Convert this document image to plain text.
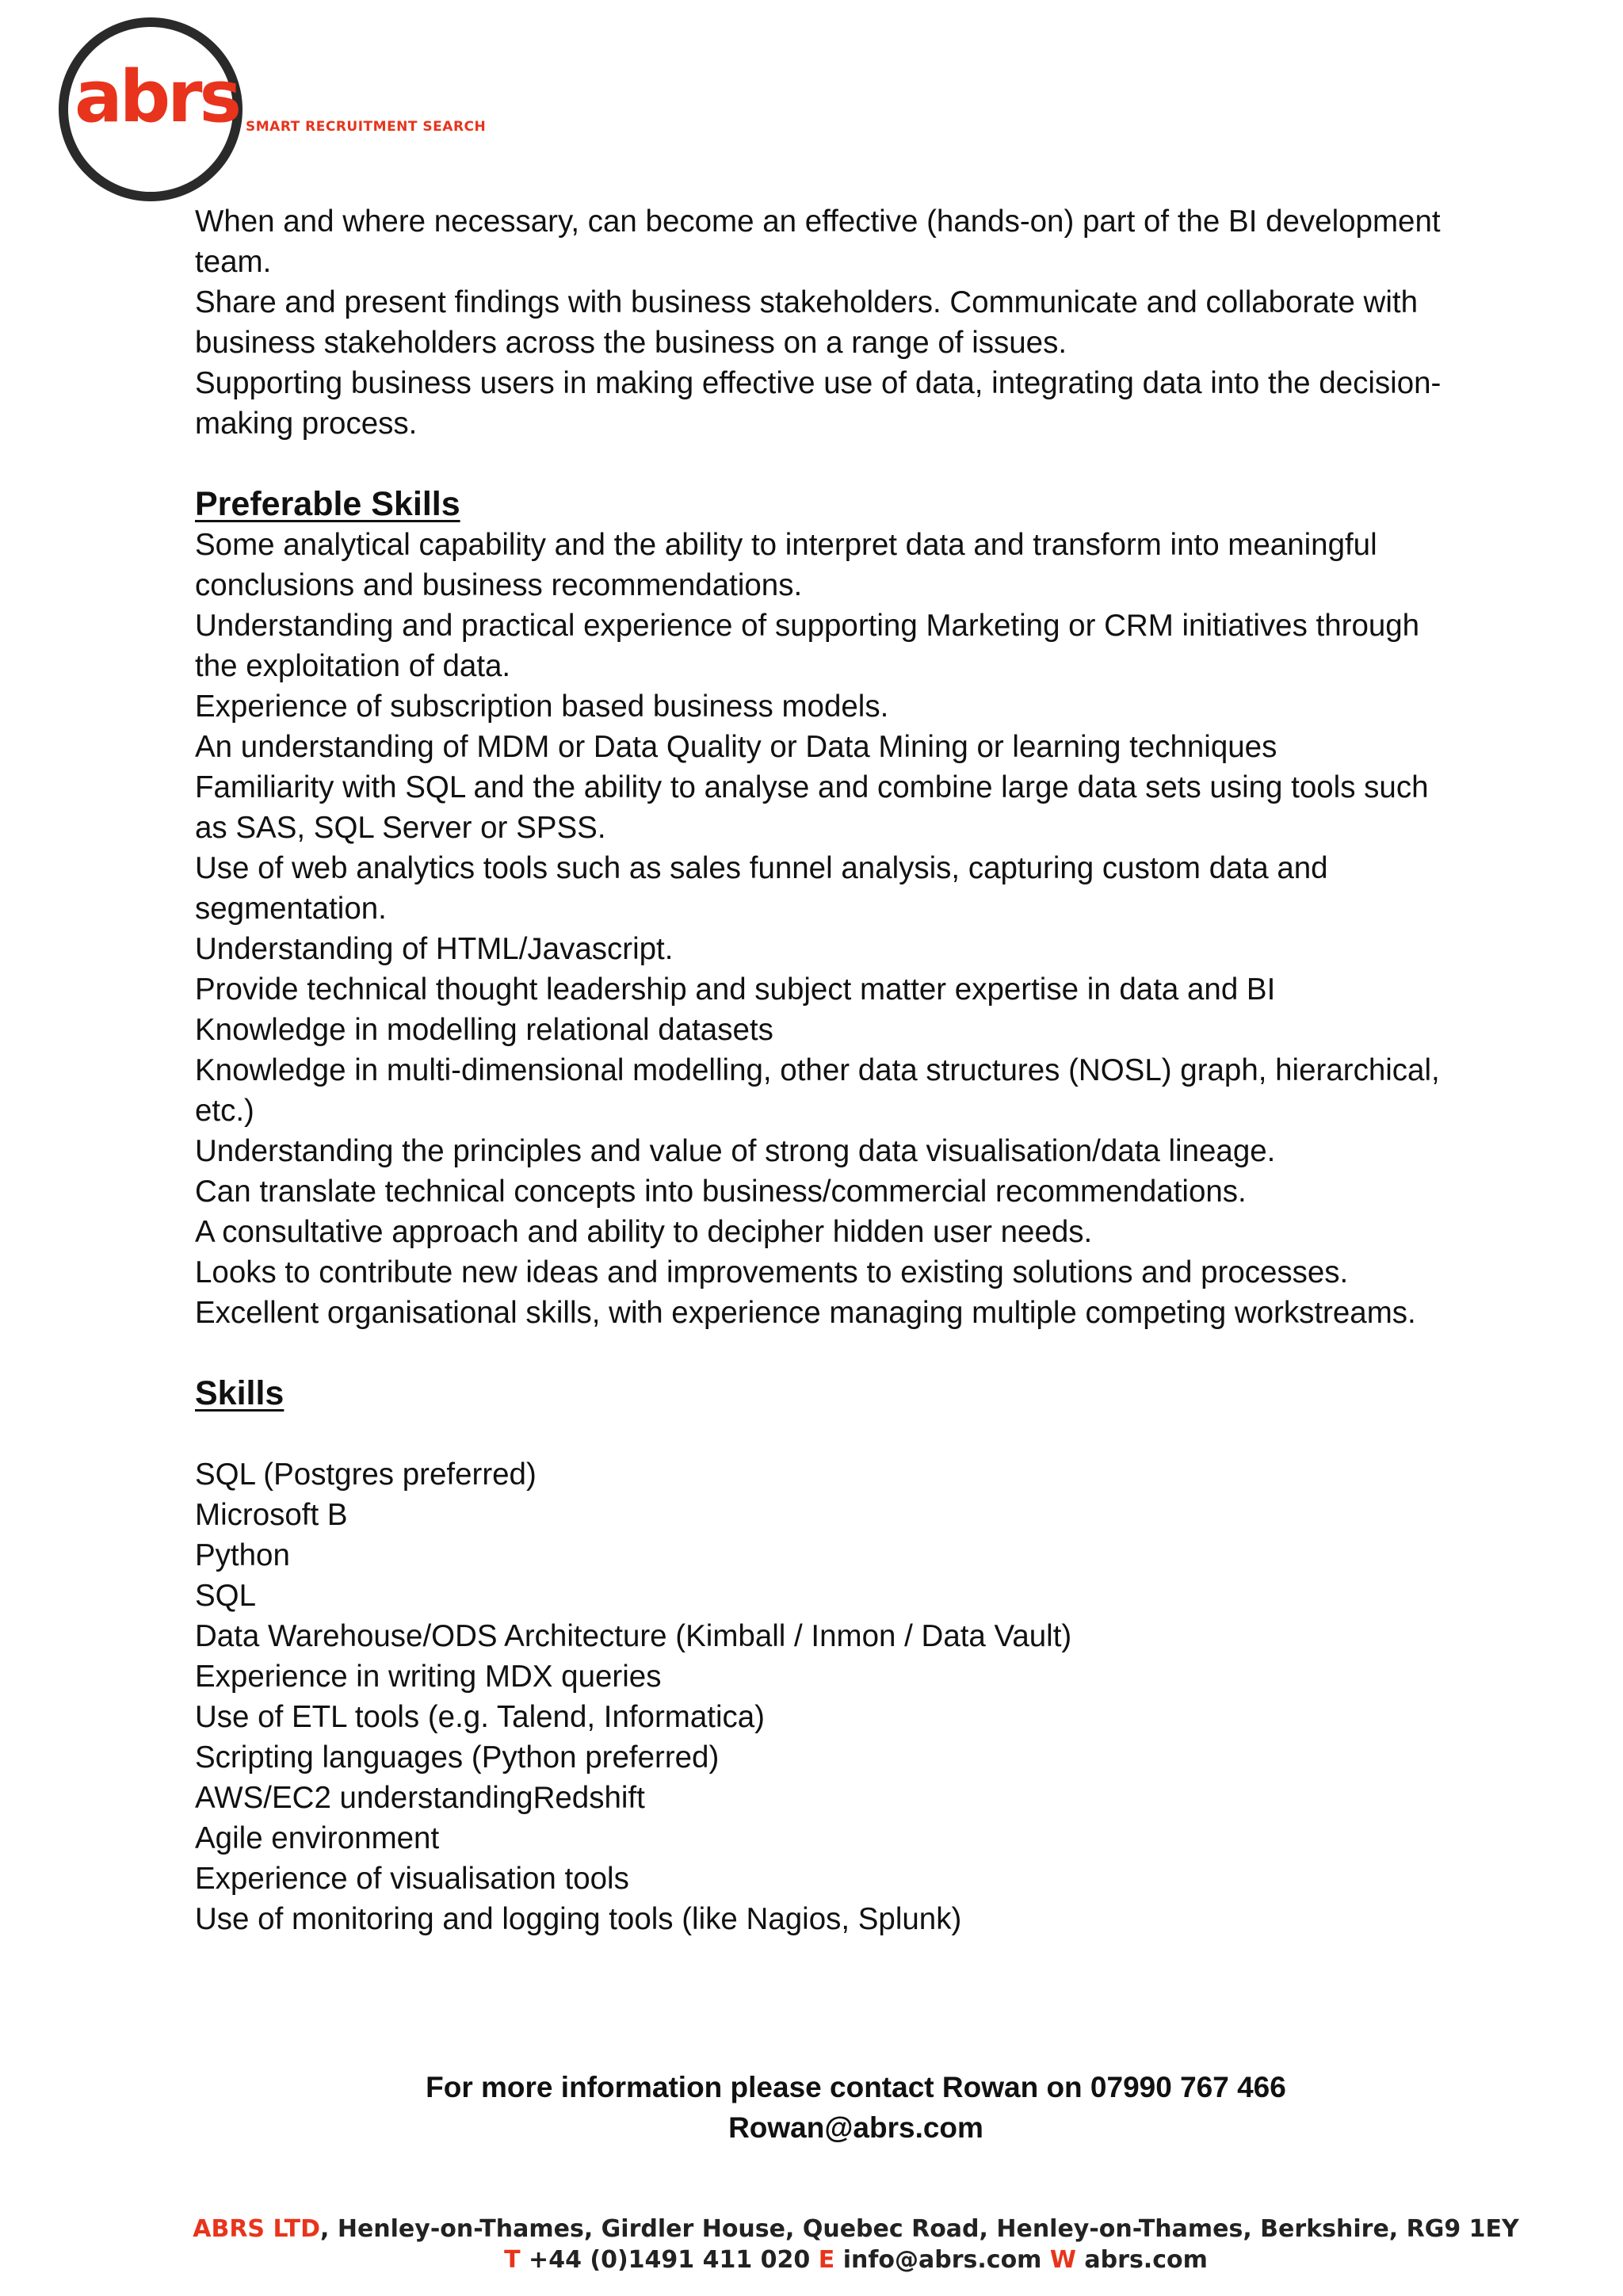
abrs SMART RECRUITMENT SEARCH

When and where necessary, can become an effective (hands-on) part of the BI development team.

Share and present findings with business stakeholders. Communicate and collaborate with business stakeholders across the business on a range of issues.

Supporting business users in making effective use of data, integrating data into the decision-making process.

Preferable Skills

Some analytical capability and the ability to interpret data and transform into meaningful conclusions and business recommendations.

Understanding and practical experience of supporting Marketing or CRM initiatives through the exploitation of data.

Experience of subscription based business models.

An understanding of MDM or Data Quality or Data Mining or learning techniques

Familiarity with SQL and the ability to analyse and combine large data sets using tools such as SAS, SQL Server or SPSS.

Use of web analytics tools such as sales funnel analysis, capturing custom data and segmentation.

Understanding of HTML/Javascript.

Provide technical thought leadership and subject matter expertise in data and BI

Knowledge in modelling relational datasets

Knowledge in multi-dimensional modelling, other data structures (NOSL) graph, hierarchical, etc.)

Understanding the principles and value of strong data visualisation/data lineage.

Can translate technical concepts into business/commercial recommendations.

A consultative approach and ability to decipher hidden user needs.

Looks to contribute new ideas and improvements to existing solutions and processes.

Excellent organisational skills, with experience managing multiple competing workstreams.

Skills

SQL (Postgres preferred)

Microsoft B

Python

SQL

Data Warehouse/ODS Architecture (Kimball / Inmon / Data Vault)

Experience in writing MDX queries

Use of ETL tools (e.g. Talend, Informatica)

Scripting languages (Python preferred)

AWS/EC2 understandingRedshift

Agile environment

Experience of visualisation tools

Use of monitoring and logging tools (like Nagios, Splunk)

For more information please contact Rowan on 07990 767 466
Rowan@abrs.com
ABRS LTD, Henley-on-Thames, Girdler House, Quebec Road, Henley-on-Thames, Berkshire, RG9 1EY
T +44 (0)1491 411 020 E info@abrs.com W abrs.com
